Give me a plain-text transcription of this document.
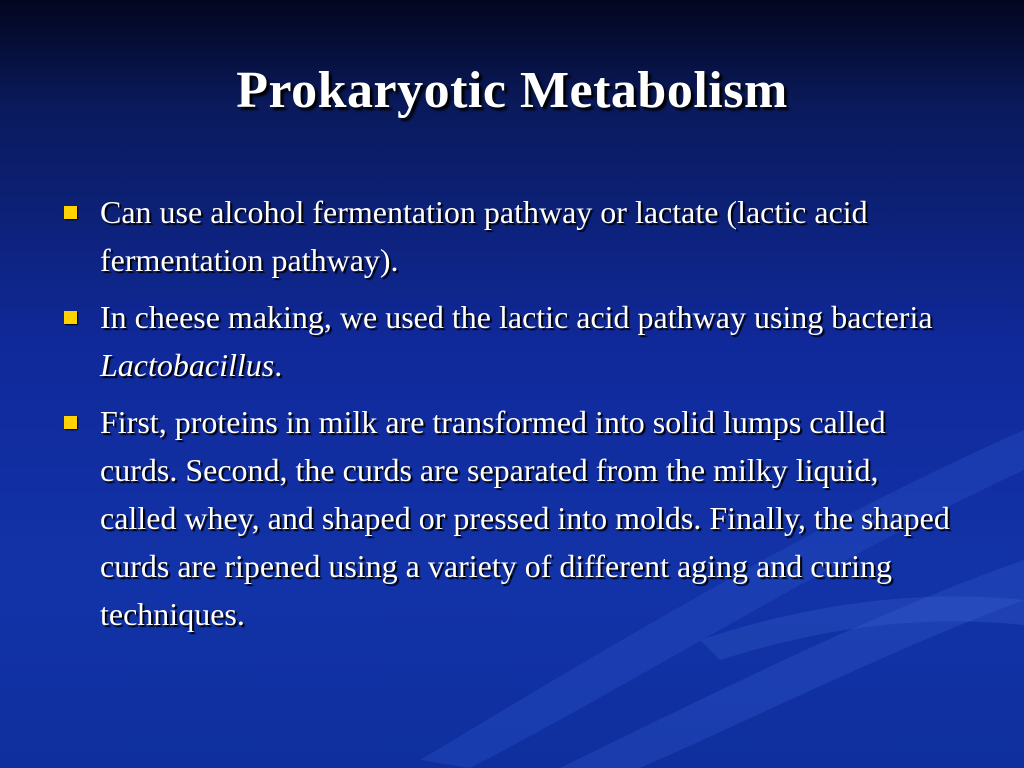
Prokaryotic Metabolism
Can use alcohol fermentation pathway or lactate (lactic acid fermentation pathway).
In cheese making, we used the lactic acid pathway using bacteria Lactobacillus.
First, proteins in milk are transformed into solid lumps called curds. Second, the curds are separated from the milky liquid, called whey, and shaped or pressed into molds. Finally, the shaped curds are ripened using a variety of different aging and curing techniques.
